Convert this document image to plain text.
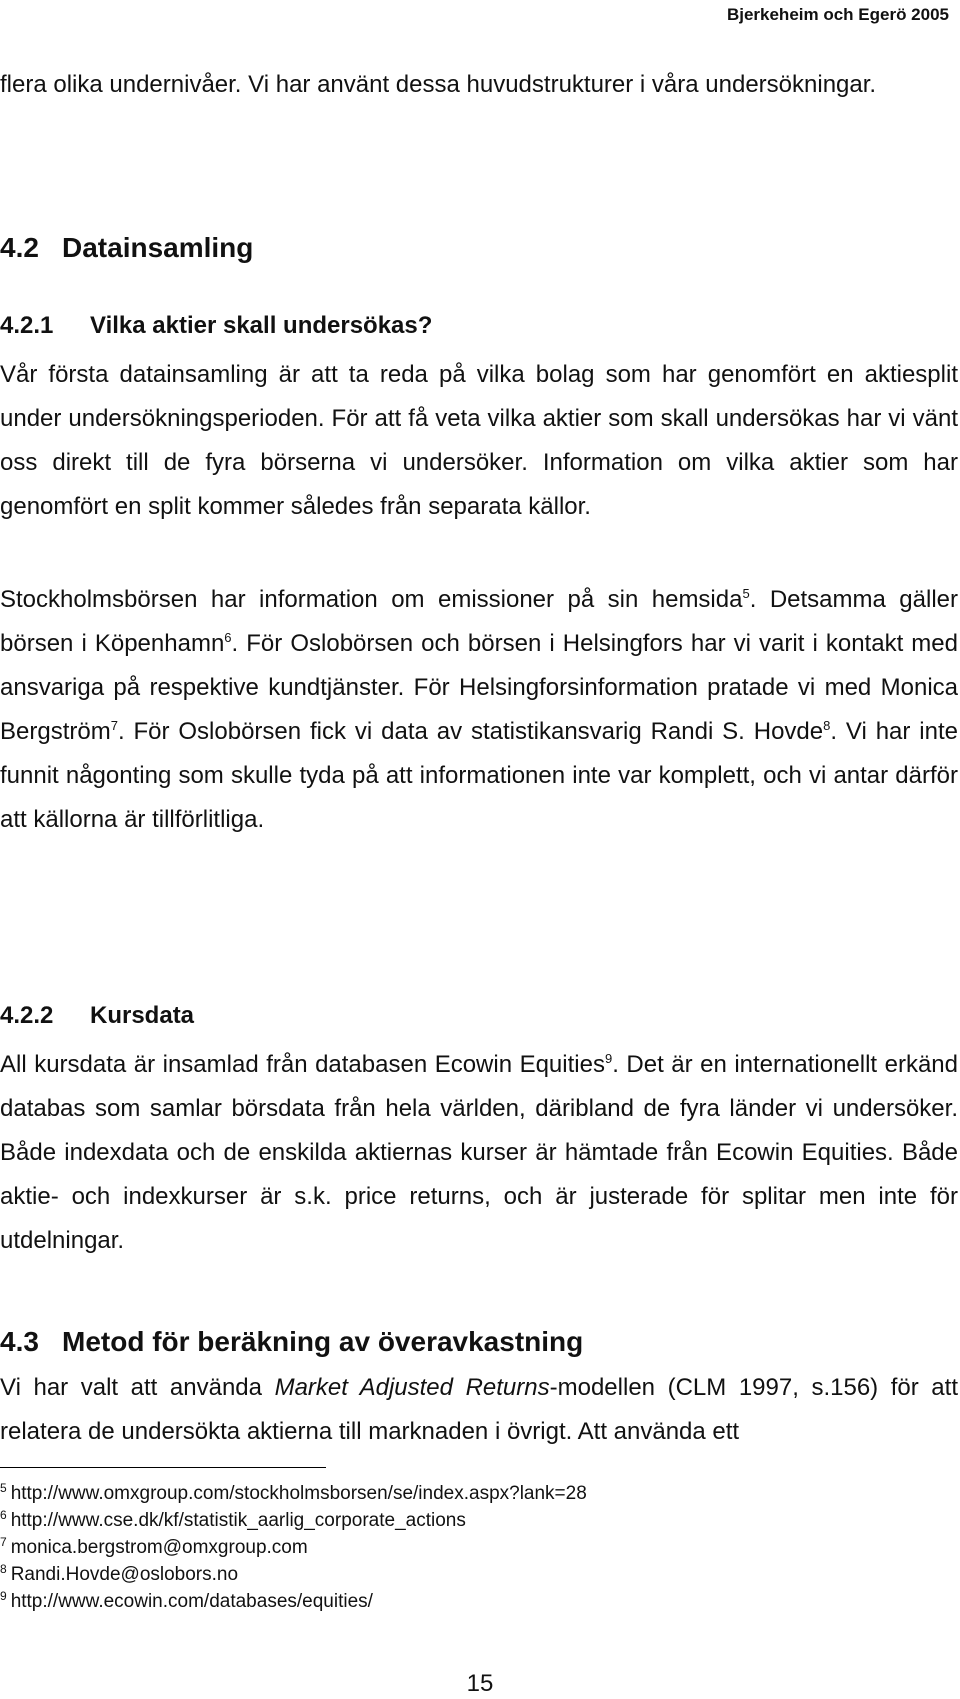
Bjerkeheim och Egerö 2005

flera olika undernivåer. Vi har använt dessa huvudstrukturer i våra undersökningar.

4.2 Datainsamling
4.2.1 Vilka aktier skall undersökas?

Vår första datainsamling är att ta reda på vilka bolag som har genomfört en aktiesplit under undersökningsperioden. För att få veta vilka aktier som skall undersökas har vi vänt oss direkt till de fyra börserna vi undersöker. Information om vilka aktier som har genomfört en split kommer således från separata källor.

Stockholmsbörsen har information om emissioner på sin hemsida$^5$. Detsamma gäller börsen i Köpenhamn$^6$. För Oslobörsen och börsen i Helsingfors har vi varit i kontakt med ansvariga på respektive kundtjänster. För Helsingforsinformation pratade vi med Monica Bergström$^7$. För Oslobörsen fick vi data av statistikansvarig Randi S. Hovde$^8$. Vi har inte funnit någonting som skulle tyda på att informationen inte var komplett, och vi antar därför att källorna är tillförlitliga.

4.2.2 Kursdata

All kursdata är insamlad från databasen Ecowin Equities$^9$. Det är en internationellt erkänd databas som samlar börsdata från hela världen, däribland de fyra länder vi undersöker. Både indexdata och de enskilda aktiernas kurser är hämtade från Ecowin Equities. Både aktie- och indexkurser är s.k. price returns, och är justerade för splitar men inte för utdelningar.

4.3 Metod för beräkning av överavkastning

Vi har valt att använda Market Adjusted Returns-modellen (CLM 1997, s.156) för att relatera de undersökta aktierna till marknaden i övrigt. Att använda ett

$^5$ http://www.omxgroup.com/stockholmsborsen/se/index.aspx?lank=28
$^6$ http://www.cse.dk/kf/statistik_aarlig_corporate_actions
$^7$ monica.bergstrom@omxgroup.com
$^8$ Randi.Hovde@oslobors.no
$^9$ http://www.ecowin.com/databases/equities/
15
